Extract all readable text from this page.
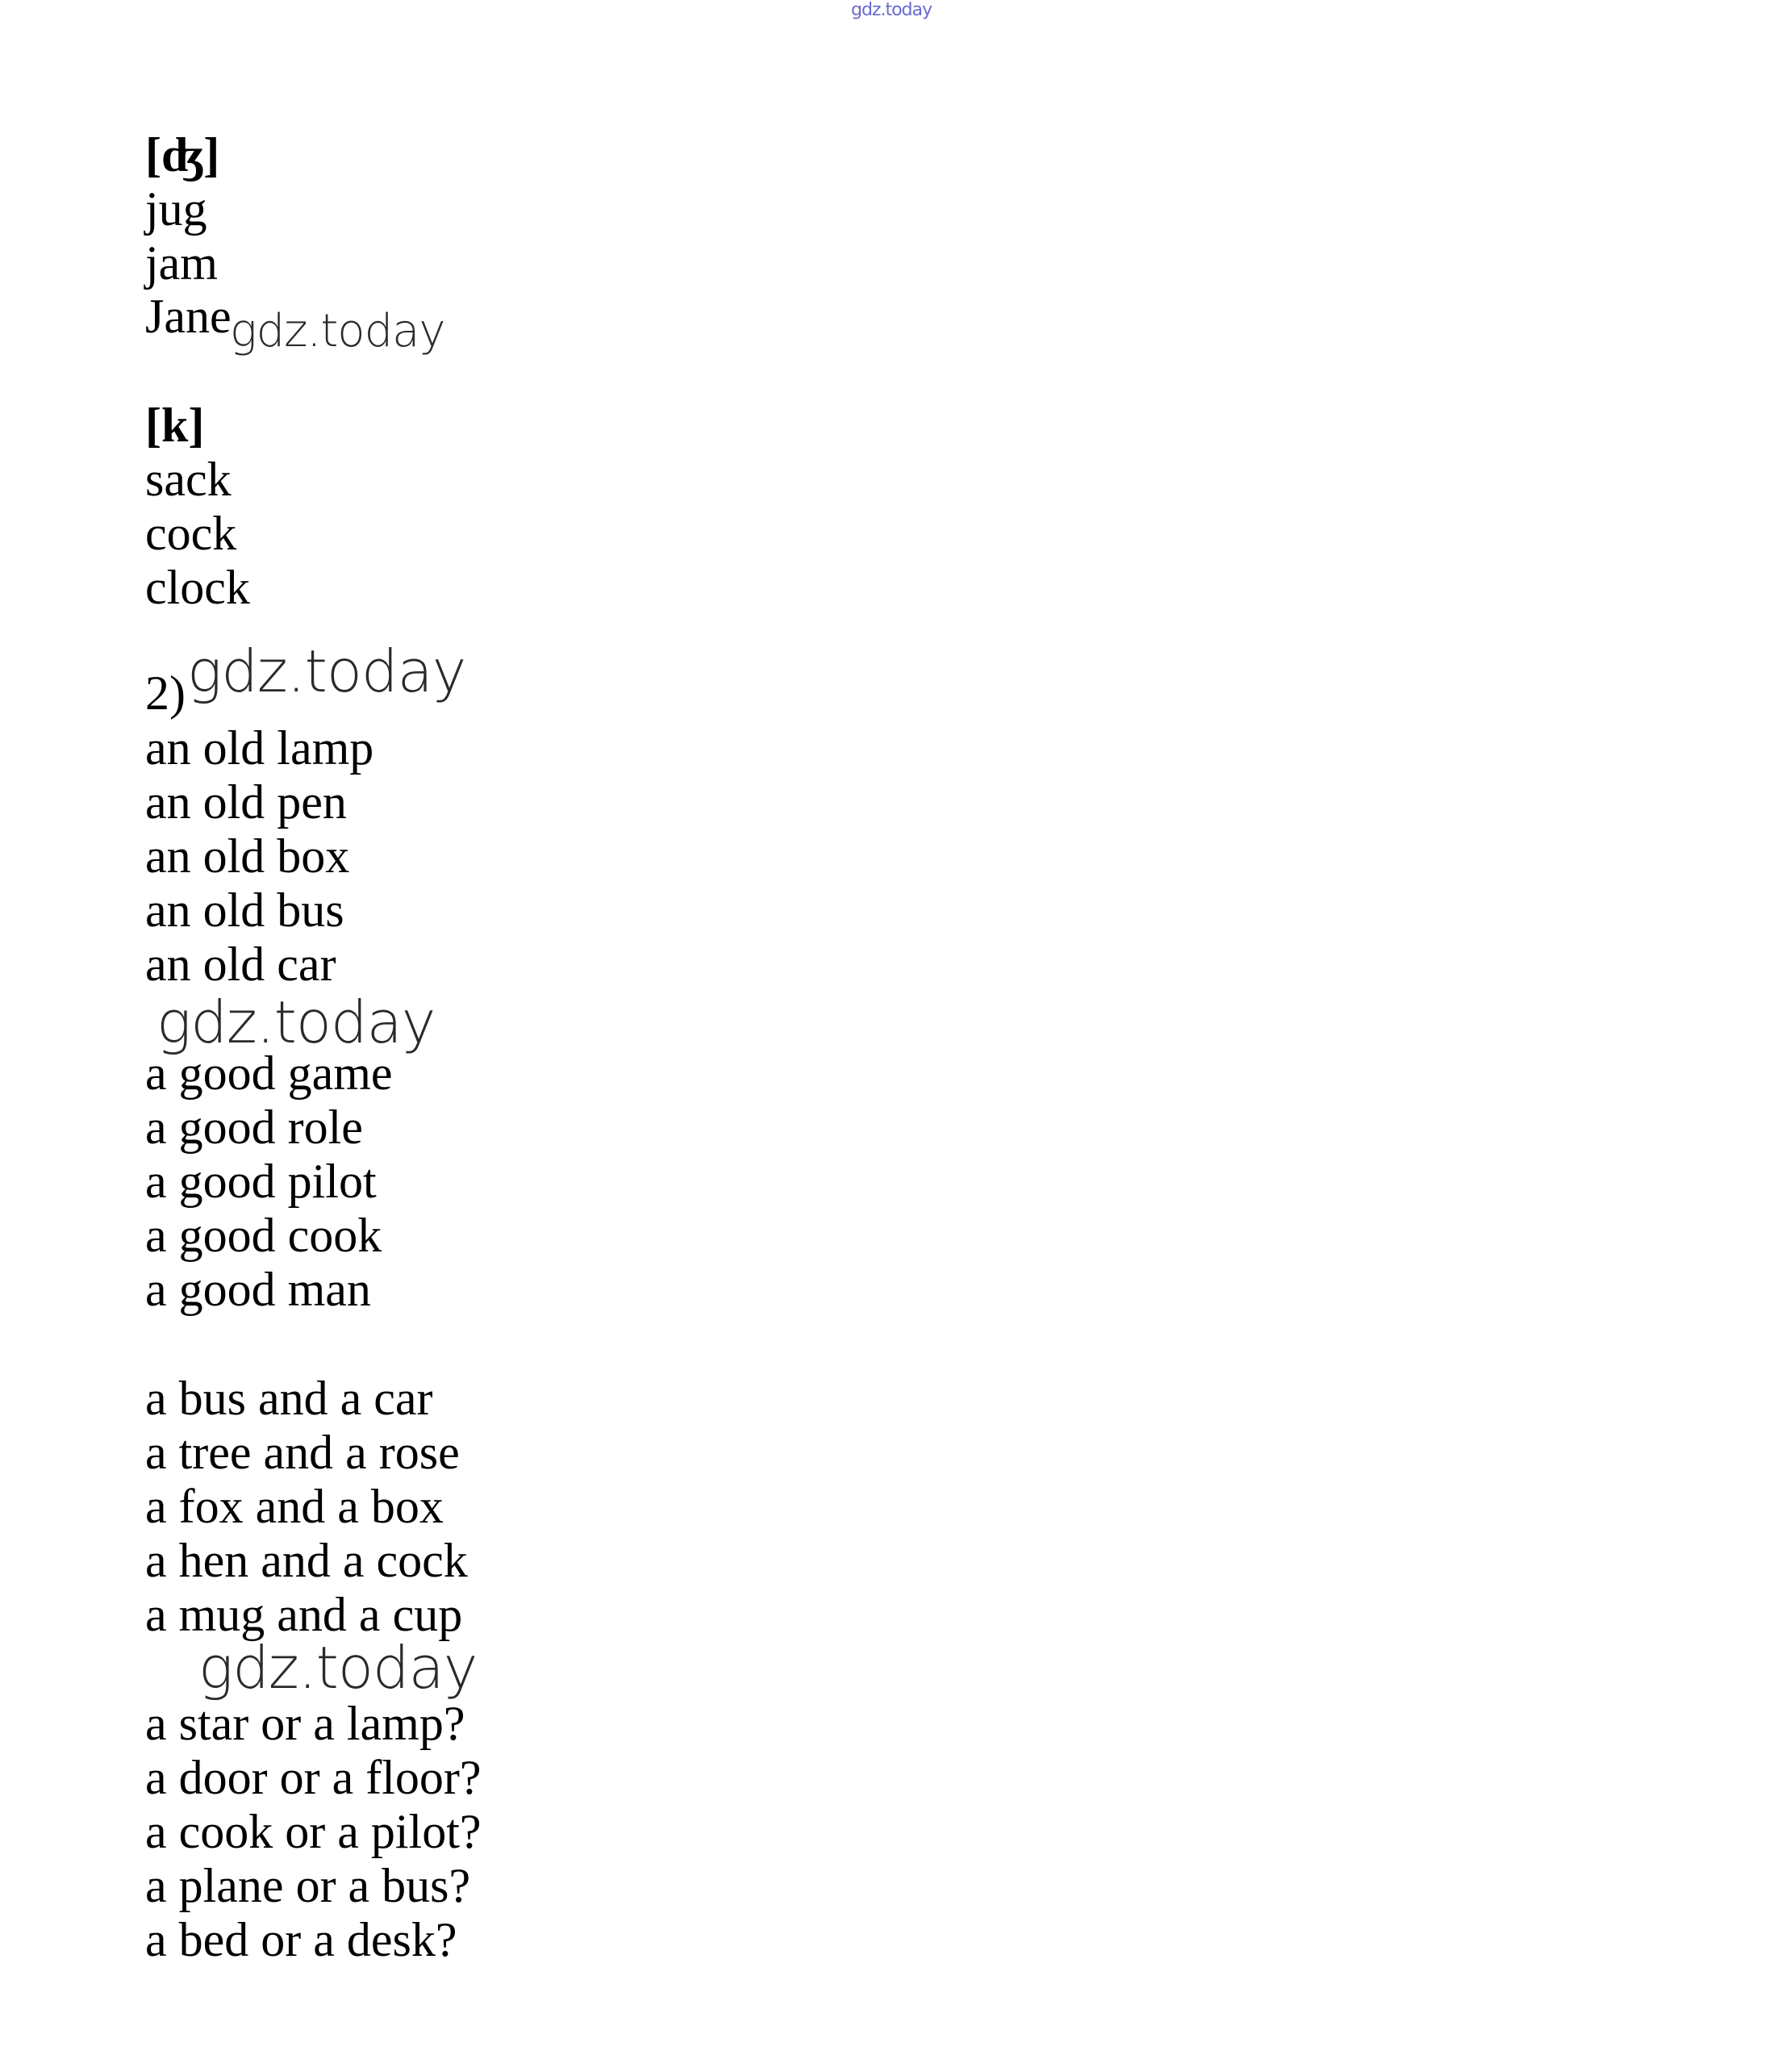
gdz.today
[ʤ]
jug
jam
Jane
gdz.today
[k]
sack
cock
clock
2) gdz.today
an old lamp
an old pen
an old box
an old bus
an old car
gdz.today
a good game
a good role
a good pilot
a good cook
a good man
a bus and a car
a tree and a rose
a fox and a box
a hen and a cock
a mug and a cup
gdz.today
a star or a lamp?
a door or a floor?
a cook or a pilot?
a plane or a bus?
a bed or a desk?
